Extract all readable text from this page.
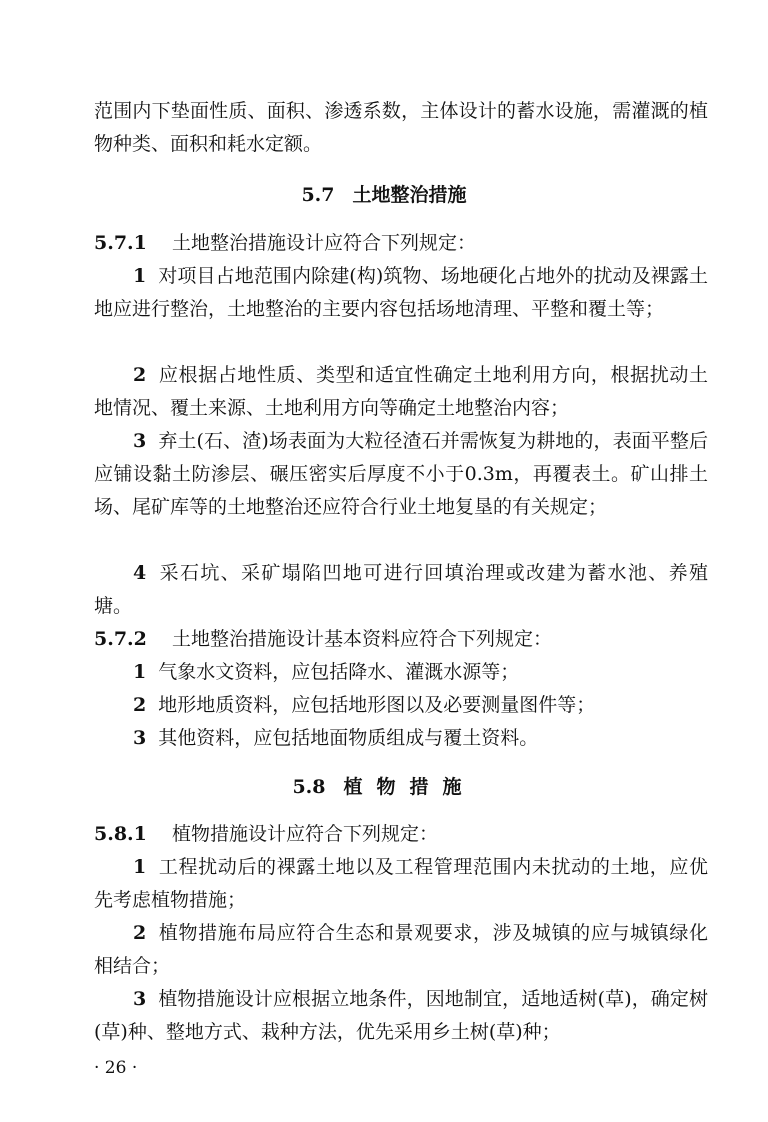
范围内下垫面性质、面积、渗透系数，主体设计的蓄水设施，需灌溉的植物种类、面积和耗水定额。

5.7 土地整治措施

5.7.1 土地整治措施设计应符合下列规定：

1 对项目占地范围内除建(构)筑物、场地硬化占地外的扰动及裸露土地应进行整治，土地整治的主要内容包括场地清理、平整和覆土等；

2 应根据占地性质、类型和适宜性确定土地利用方向，根据扰动土地情况、覆土来源、土地利用方向等确定土地整治内容；

3 弃土(石、渣)场表面为大粒径渣石并需恢复为耕地的，表面平整后应铺设黏土防渗层、碾压密实后厚度不小于0.3m，再覆表土。矿山排土场、尾矿库等的土地整治还应符合行业土地复垦的有关规定；

4 采石坑、采矿塌陷凹地可进行回填治理或改建为蓄水池、养殖塘。

5.7.2 土地整治措施设计基本资料应符合下列规定：

1 气象水文资料，应包括降水、灌溉水源等；

2 地形地质资料，应包括地形图以及必要测量图件等；

3 其他资料，应包括地面物质组成与覆土资料。

5.8 植物措施

5.8.1 植物措施设计应符合下列规定：

1 工程扰动后的裸露土地以及工程管理范围内未扰动的土地，应优先考虑植物措施；

2 植物措施布局应符合生态和景观要求，涉及城镇的应与城镇绿化相结合；

3 植物措施设计应根据立地条件，因地制宜，适地适树(草)，确定树(草)种、整地方式、栽种方法，优先采用乡土树(草)种；

· 26 ·
